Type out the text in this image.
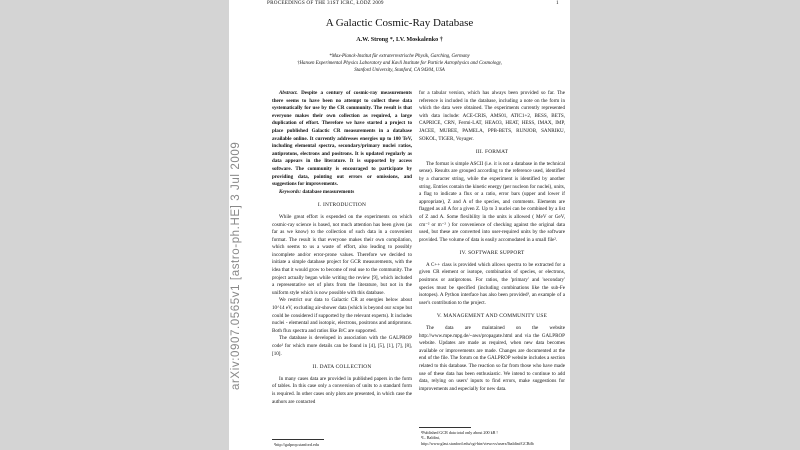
PROCEEDINGS OF THE 31ST ICRC, ŁÓDŹ 2009	1
A Galactic Cosmic-Ray Database
A.W. Strong *, I.V. Moskalenko †
*Max-Planck-Institut für extraterrestrische Physik, Garching, Germany
†Hansen Experimental Physics Laboratory and Kavli Institute for Particle Astrophysics and Cosmology,
Stanford University, Stanford, CA 94304, USA

Abstract. Despite a century of cosmic-ray measurements there seems to have been no attempt to collect these data systematically for use by the CR community. The result is that everyone makes their own collection as required, a large duplication of effort. Therefore we have started a project to place published Galactic CR measurements in a database available online. It currently addresses energies up to 100 TeV, including elemental spectra, secondary/primary nuclei ratios, antiprotons, electrons and positrons. It is updated regularly as data appears in the literature. It is supported by access software. The community is encouraged to participate by providing data, pointing out errors or omissions, and suggestions for improvements.

Keywords: database measurements

I. INTRODUCTION

While great effort is expended on the experiments on which cosmic-ray science is based, not much attention has been given (as far as we know) to the collection of such data in a convenient format. The result is that everyone makes their own compilation, which seems to us a waste of effort, also leading to possibly incomplete and/or error-prone values. Therefore we decided to initiate a simple database project for GCR measurements, with the idea that it would grow to become of real use to the community. The project actually began while writing the review [9], which included a representative set of plots from the literature, but not in the uniform style which is now possible with this database.

We restrict our data to Galactic CR at energies below about 10^14 eV, excluding air-shower data (which is beyond our scope but could be considered if supported by the relevant experts). It includes nuclei - elemental and isotopic, electrons, positrons and antiprotons. Both flux spectra and ratios like B/C are supported.

The database is developed in association with the GALPROP code¹ for which more details can be found in [4], [5], [1], [7], [8], [10].

II. DATA COLLECTION

In many cases data are provided in published papers in the form of tables. In this case only a conversion of units to a standard form is required. In other cases only plots are presented, in which case the authors are contacted

¹http://galprop.stanford.edu

for a tabular version, which has always been provided so far. The reference is included in the database, including a note on the form in which the data were obtained. The experiments currently represented with data include: ACE-CRIS, AMS01, ATIC1+2, BESS, BETS, CAPRICE, CRN, Fermi-LAT, HEAO3, HEAT, HESS, IMAX, IMP, JACEE, MUBEE, PAMELA, PPB-BETS, RUNJOB, SANRIKU, SOKOL, TIGER, Voyager.

III. FORMAT

The format is simple ASCII (i.e. it is not a database in the technical sense). Results are grouped according to the reference used, identified by a character string, while the experiment is identified by another string. Entries contain the kinetic energy (per nucleon for nuclei), units, a flag to indicate a flux or a ratio, error bars (upper and lower if appropriate), Z and A of the species, and comments. Elements are flagged as all A for a given Z. Up to 3 nuclei can be combined by a list of Z and A. Some flexibility in the units is allowed ( MeV or GeV, cm⁻² or m⁻² ) for convenience of checking against the original data used, but these are converted into user-required units by the software provided. The volume of data is easily accomodated in a small file².

IV. SOFTWARE SUPPORT

A C++ class is provided which allows spectra to be extracted for a given CR element or isotope, combination of species, or electrons, positrons or antiprotons. For ratios, the 'primary' and 'secondary' species must be specified (including combinations like the sub-Fe isotopes). A Python interface has also been provided³, an example of a user's contribution to the project.

V. MANAGEMENT AND COMMUNITY USE

The data are maintained on the website http://www.mpe.mpg.de/~aws/propagate.html and via the GALPROP website. Updates are made as required, when new data becomes available or improvements are made. Changes are documented at the end of the file. The forum on the GALPROP website includes a section related to this database. The reaction so far from those who have made use of these data has been enthusiastic. We intend to continue to add data, relying on users' inputs to find errors, make suggestions for improvements and especially for new data.

²Published GCR data total only about 200 kB !
³L. Baldini,
http://www.glast.stanford.edu/cgi-bin/viewcvs/users/lbaldini/GCRdb
arXiv:0907.0565v1 [astro-ph.HE] 3 Jul 2009
